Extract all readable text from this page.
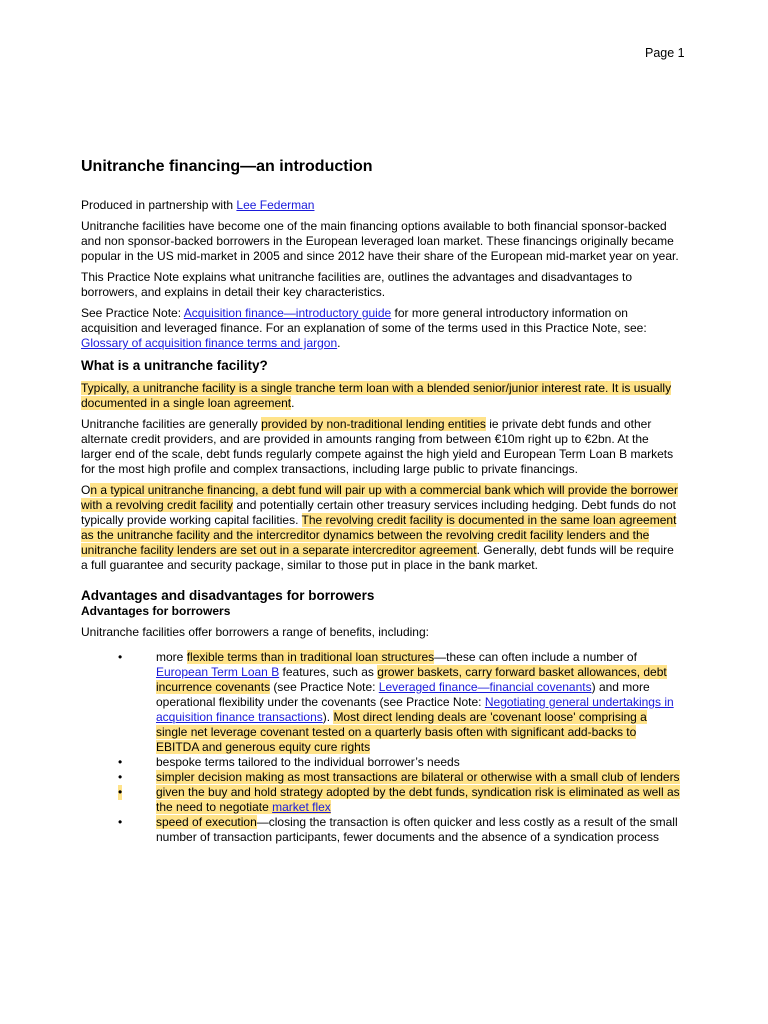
Page 1
Unitranche financing—an introduction

Produced in partnership with Lee Federman

Unitranche facilities have become one of the main financing options available to both financial sponsor-backed and non sponsor-backed borrowers in the European leveraged loan market. These financings originally became popular in the US mid-market in 2005 and since 2012 have their share of the European mid-market year on year.

This Practice Note explains what unitranche facilities are, outlines the advantages and disadvantages to borrowers, and explains in detail their key characteristics.

See Practice Note: Acquisition finance—introductory guide for more general introductory information on acquisition and leveraged finance. For an explanation of some of the terms used in this Practice Note, see: Glossary of acquisition finance terms and jargon.

What is a unitranche facility?

Typically, a unitranche facility is a single tranche term loan with a blended senior/junior interest rate. It is usually documented in a single loan agreement.

Unitranche facilities are generally provided by non-traditional lending entities ie private debt funds and other alternate credit providers, and are provided in amounts ranging from between €10m right up to €2bn. At the larger end of the scale, debt funds regularly compete against the high yield and European Term Loan B markets for the most high profile and complex transactions, including large public to private financings.

On a typical unitranche financing, a debt fund will pair up with a commercial bank which will provide the borrower with a revolving credit facility and potentially certain other treasury services including hedging. Debt funds do not typically provide working capital facilities. The revolving credit facility is documented in the same loan agreement as the unitranche facility and the intercreditor dynamics between the revolving credit facility lenders and the unitranche facility lenders are set out in a separate intercreditor agreement. Generally, debt funds will be require a full guarantee and security package, similar to those put in place in the bank market.

Advantages and disadvantages for borrowers
Advantages for borrowers

Unitranche facilities offer borrowers a range of benefits, including:

•	more flexible terms than in traditional loan structures—these can often include a number of European Term Loan B features, such as grower baskets, carry forward basket allowances, debt incurrence covenants (see Practice Note: Leveraged finance—financial covenants) and more operational flexibility under the covenants (see Practice Note: Negotiating general undertakings in acquisition finance transactions). Most direct lending deals are 'covenant loose' comprising a single net leverage covenant tested on a quarterly basis often with significant add-backs to EBITDA and generous equity cure rights
•	bespoke terms tailored to the individual borrower’s needs
•	simpler decision making as most transactions are bilateral or otherwise with a small club of lenders
•	given the buy and hold strategy adopted by the debt funds, syndication risk is eliminated as well as the need to negotiate market flex
•	speed of execution—closing the transaction is often quicker and less costly as a result of the small number of transaction participants, fewer documents and the absence of a syndication process
